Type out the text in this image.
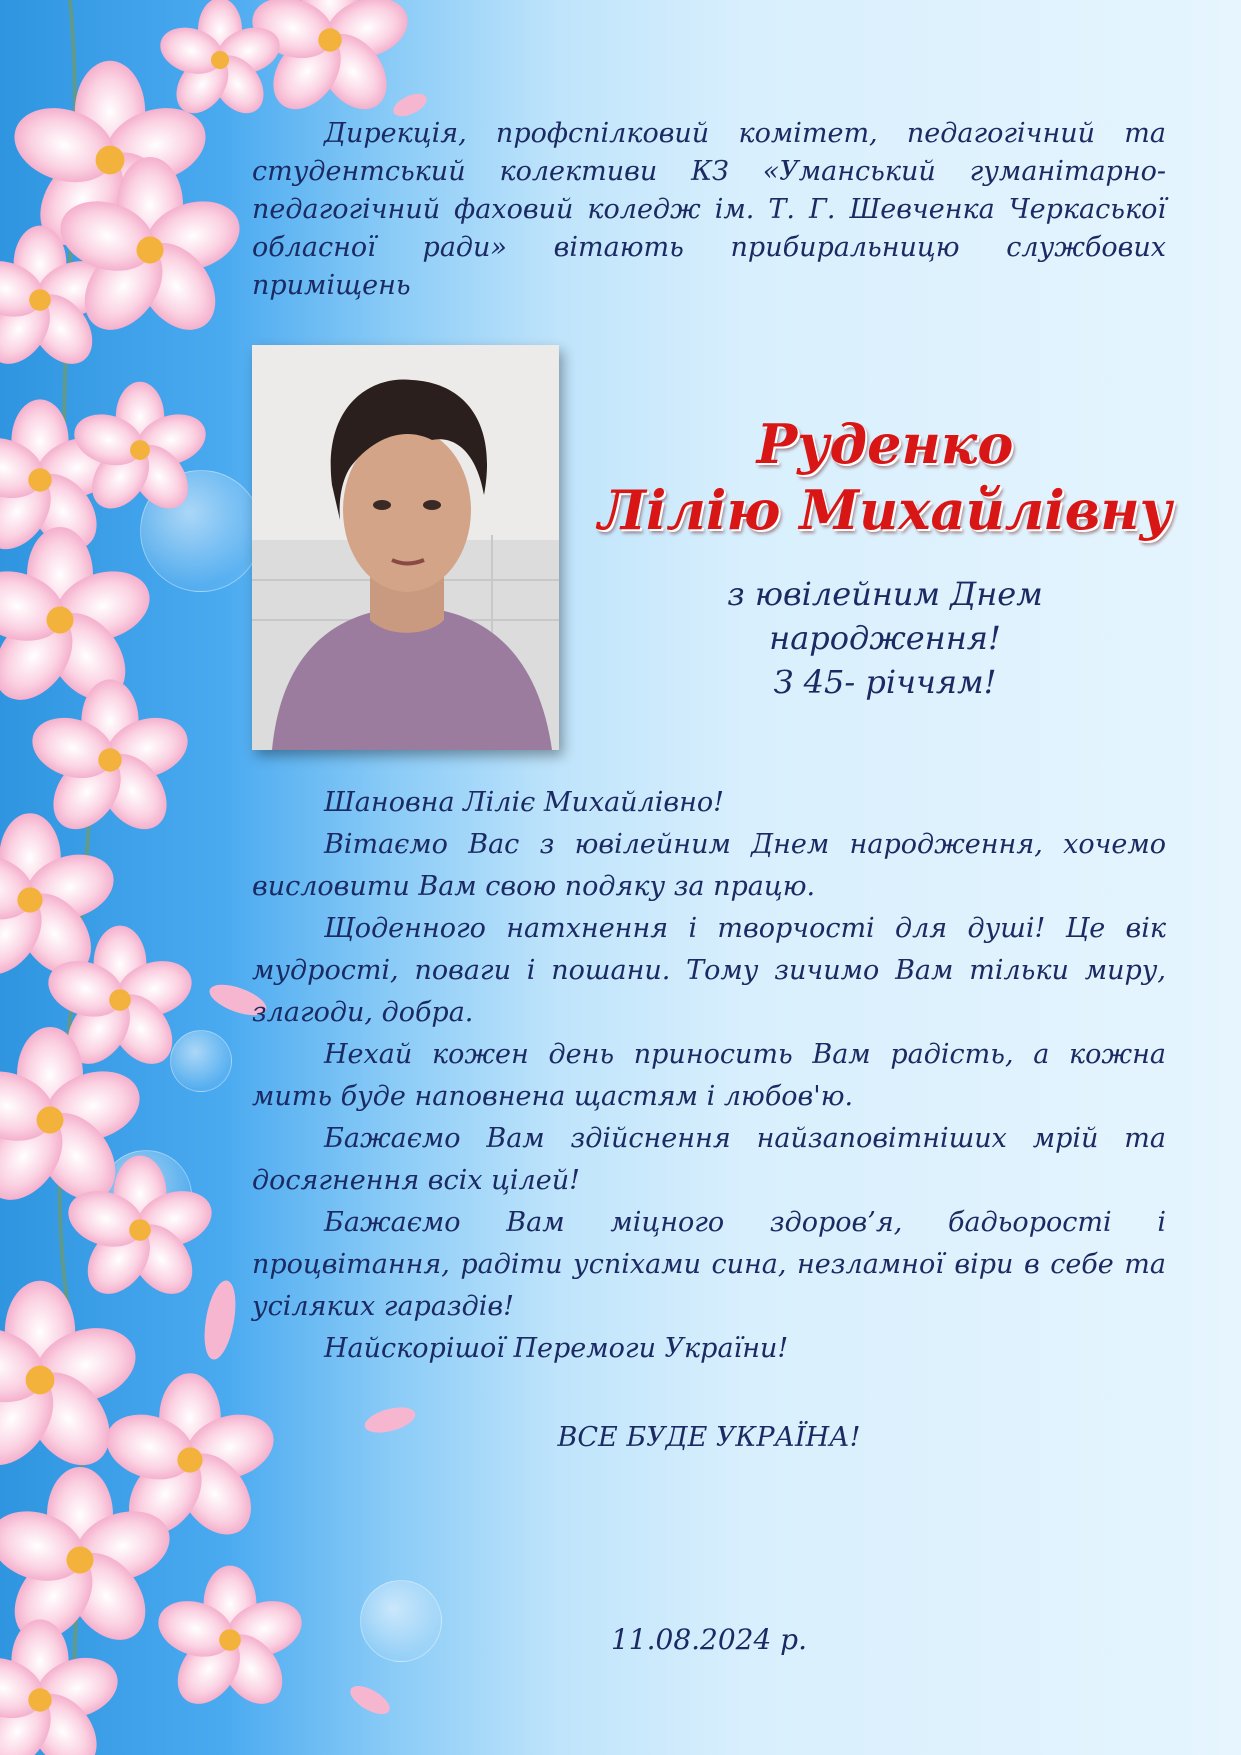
Дирекція, профспілковий комітет, педагогічний та студентський колективи КЗ «Уманський гуманітарно-педагогічний фаховий коледж ім. Т. Г. Шевченка Черкаської обласної ради» вітають прибиральницю службових приміщень
Руденко
Лілію Михайлівну
з ювілейним Днем
народження!
З 45- річчям!

Шановна Ліліє Михайлівно!

Вітаємо Вас з ювілейним Днем народження, хочемо висловити Вам свою подяку за працю.

Щоденного натхнення і творчості для душі! Це вік мудрості, поваги і пошани. Тому зичимо Вам тільки миру, злагоди, добра.

Нехай кожен день приносить Вам радість, а кожна мить буде наповнена щастям і любов'ю.

Бажаємо Вам здійснення найзаповітніших мрій та досягнення всіх цілей!

Бажаємо Вам міцного здоров’я, бадьорості і процвітання, радіти успіхами сина, незламної віри в себе та усіляких гараздів!

Найскорішої Перемоги України!

ВСЕ БУДЕ УКРАЇНА!
11.08.2024 р.
